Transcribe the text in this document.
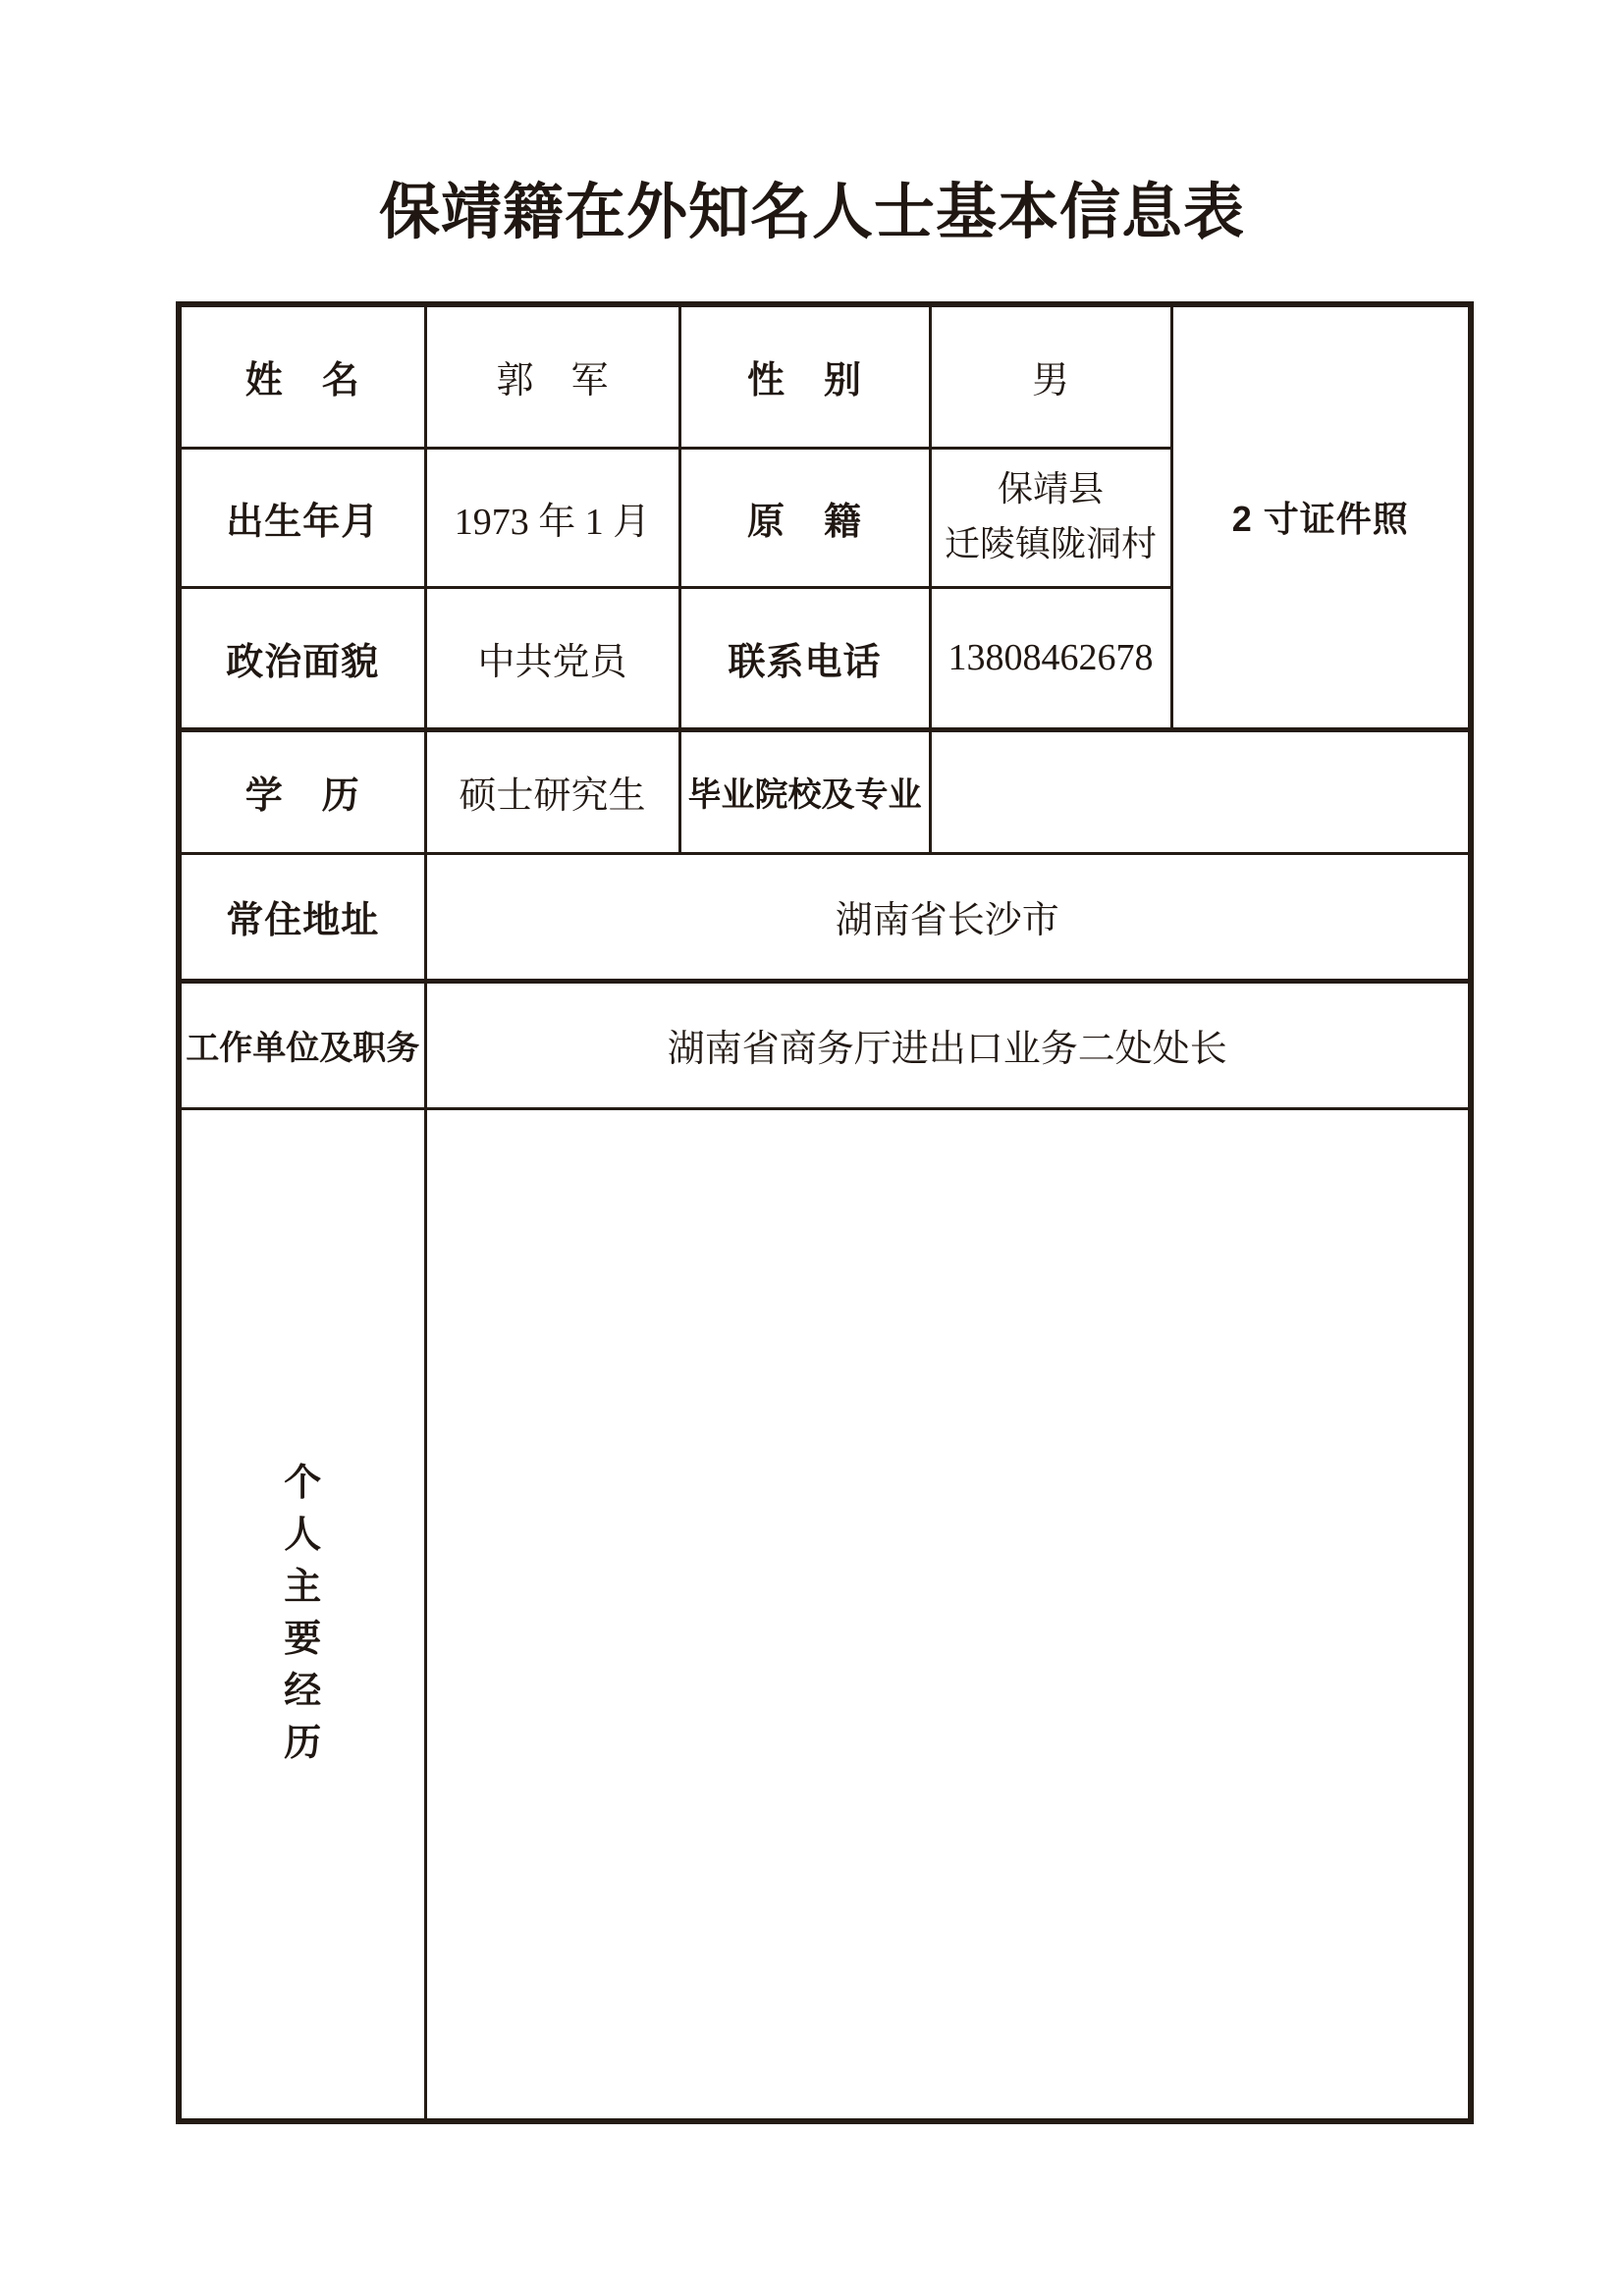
保靖籍在外知名人士基本信息表
姓　名	郭　军	性　别	男	2 寸证件照
出生年月	1973 年 1 月	原　籍	保靖县
迁陵镇陇洞村	

政治面貌	中共党员	联系电话	13808462678	
学　历	硕士研究生	毕业院校及专业		
常住地址	湖南省长沙市			
工作单位及职务	湖南省商务厅进出口业务二处处长			

个
人
主
要
经
历
